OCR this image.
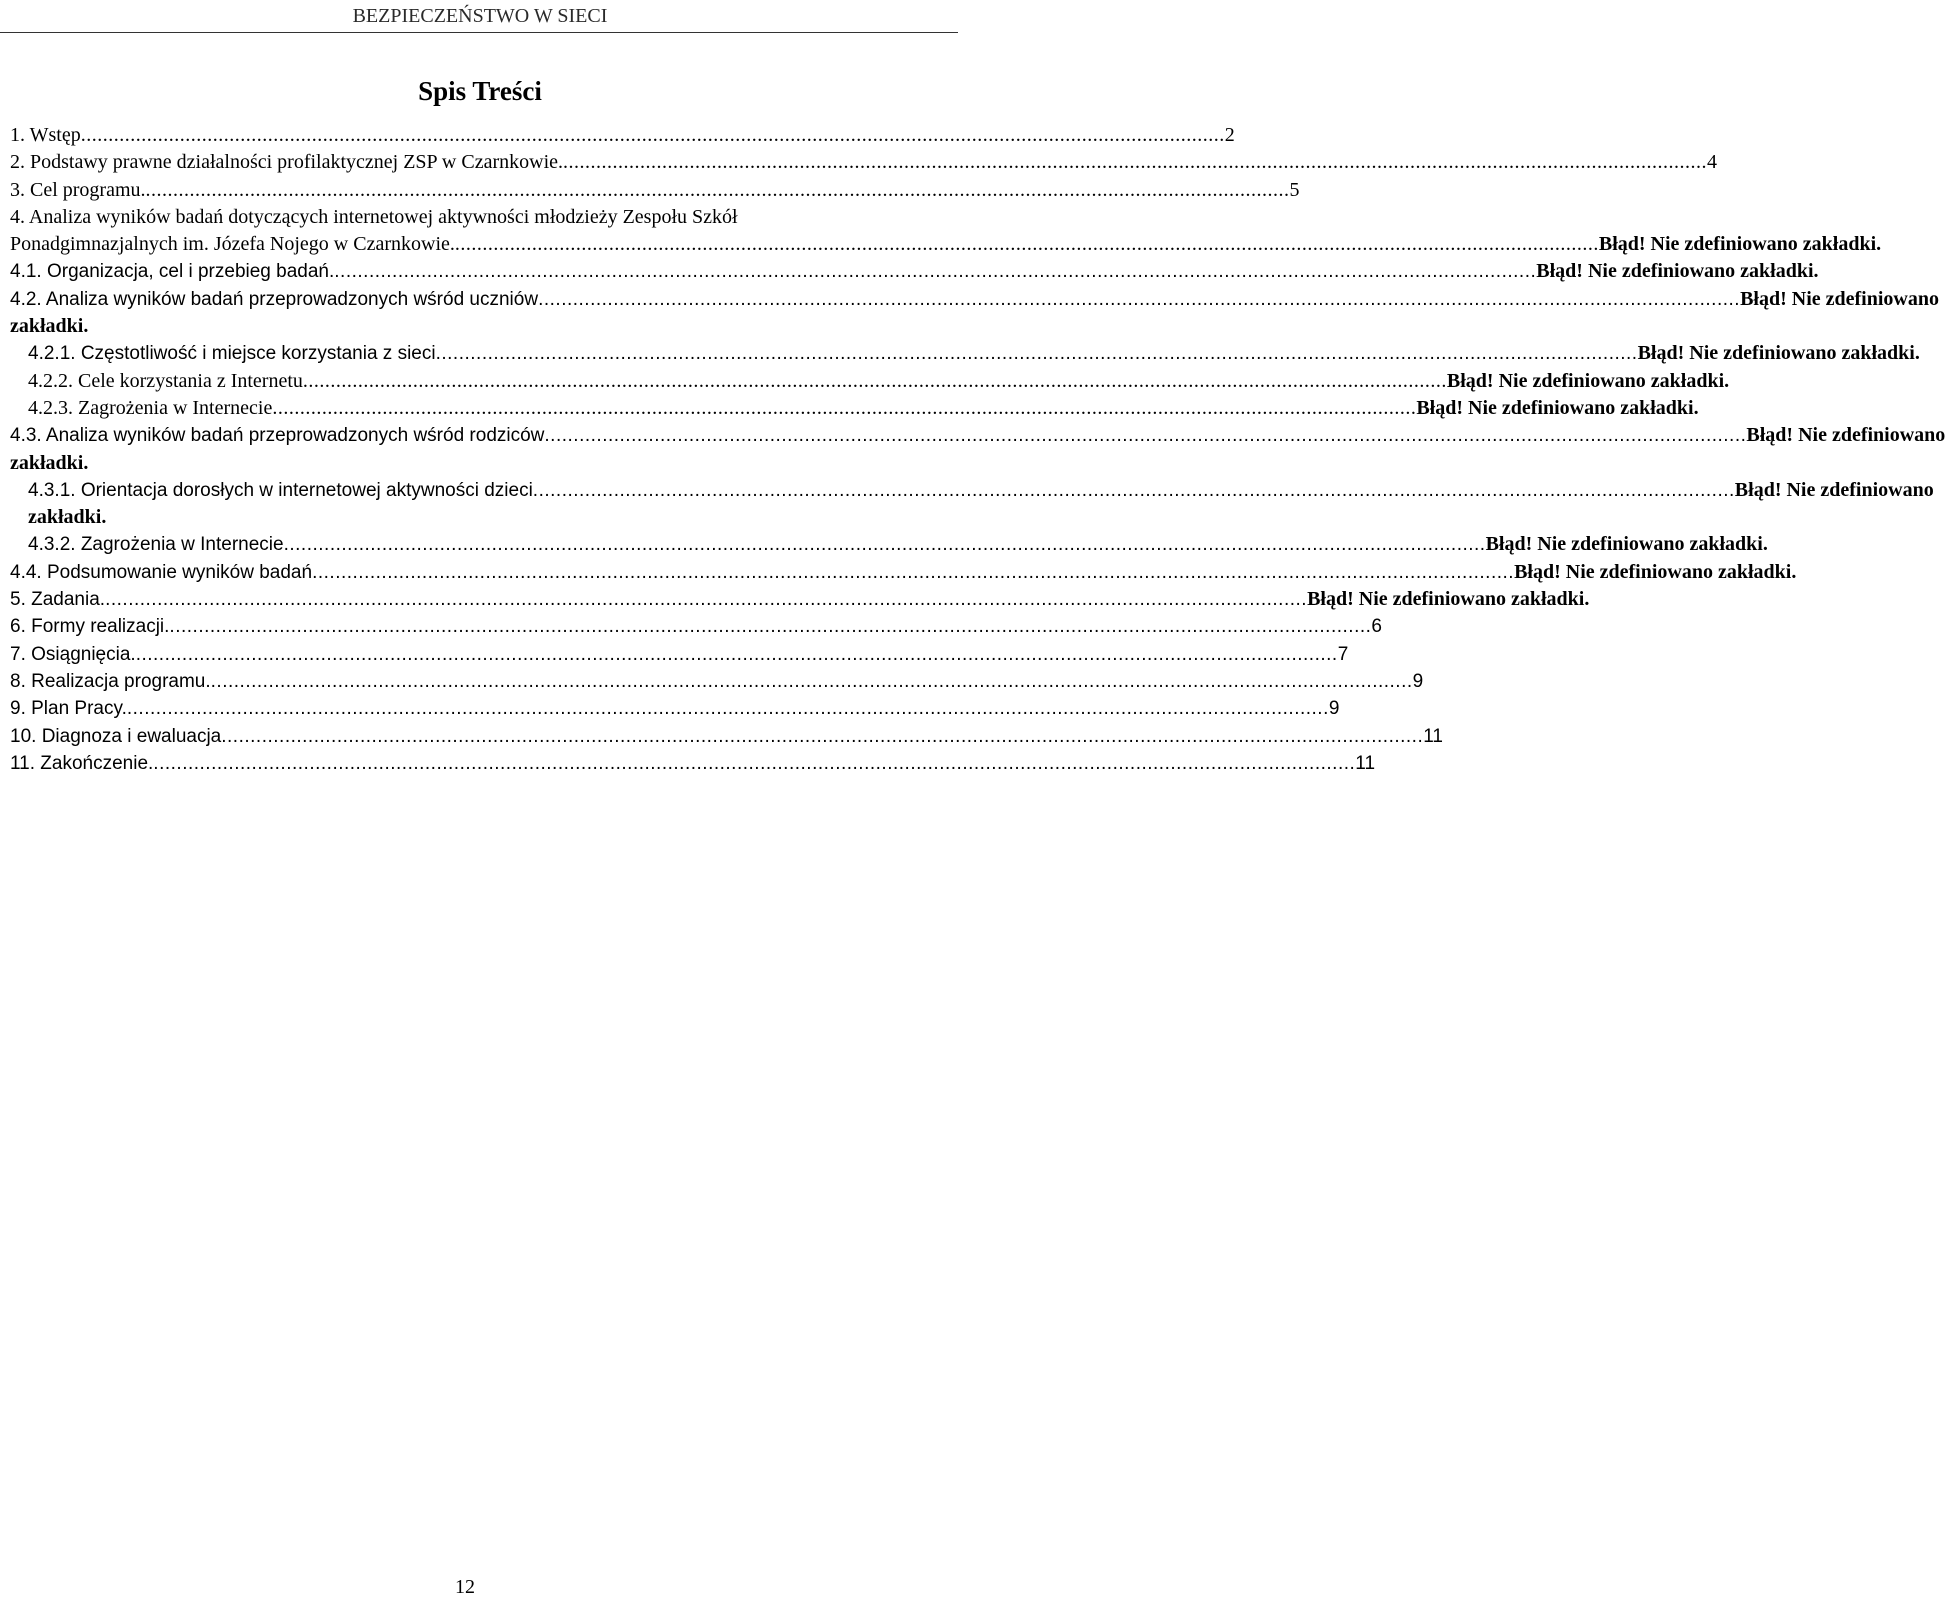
BEZPIECZEŃSTWO W SIECI
Spis Treści
1. Wstęp .....	2
2. Podstawy prawne działalności profilaktycznej ZSP w Czarnkowie. .....	4
3. Cel programu. .....	5
4. Analiza wyników badań dotyczących internetowej aktywności młodzieży Zespołu Szkół
Ponadgimnazjalnych im. Józefa Nojego w Czarnkowie. .....	Błąd! Nie zdefiniowano zakładki.
4.1. Organizacja, cel i przebieg badań. .....	Błąd! Nie zdefiniowano zakładki.
4.2. Analiza wyników badań przeprowadzonych wśród uczniów .....	Błąd! Nie zdefiniowano
zakładki.
4.2.1. Częstotliwość i miejsce korzystania z sieci .....	Błąd! Nie zdefiniowano zakładki.
4.2.2. Cele korzystania z Internetu .....	Błąd! Nie zdefiniowano zakładki.
4.2.3. Zagrożenia w Internecie .....	Błąd! Nie zdefiniowano zakładki.
4.3. Analiza wyników badań przeprowadzonych wśród rodziców .....	Błąd! Nie zdefiniowano
zakładki.
4.3.1. Orientacja dorosłych w internetowej aktywności dzieci .....	Błąd! Nie zdefiniowano
zakładki.
4.3.2. Zagrożenia w Internecie .....	Błąd! Nie zdefiniowano zakładki.
4.4. Podsumowanie wyników badań .....	Błąd! Nie zdefiniowano zakładki.
5. Zadania. .....	Błąd! Nie zdefiniowano zakładki.
6. Formy realizacji. .....	6
7. Osiągnięcia. .....	7
8. Realizacja programu. .....	9
9. Plan Pracy. .....	9
10. Diagnoza i ewaluacja .....	11
11. Zakończenie. .....	11
12
